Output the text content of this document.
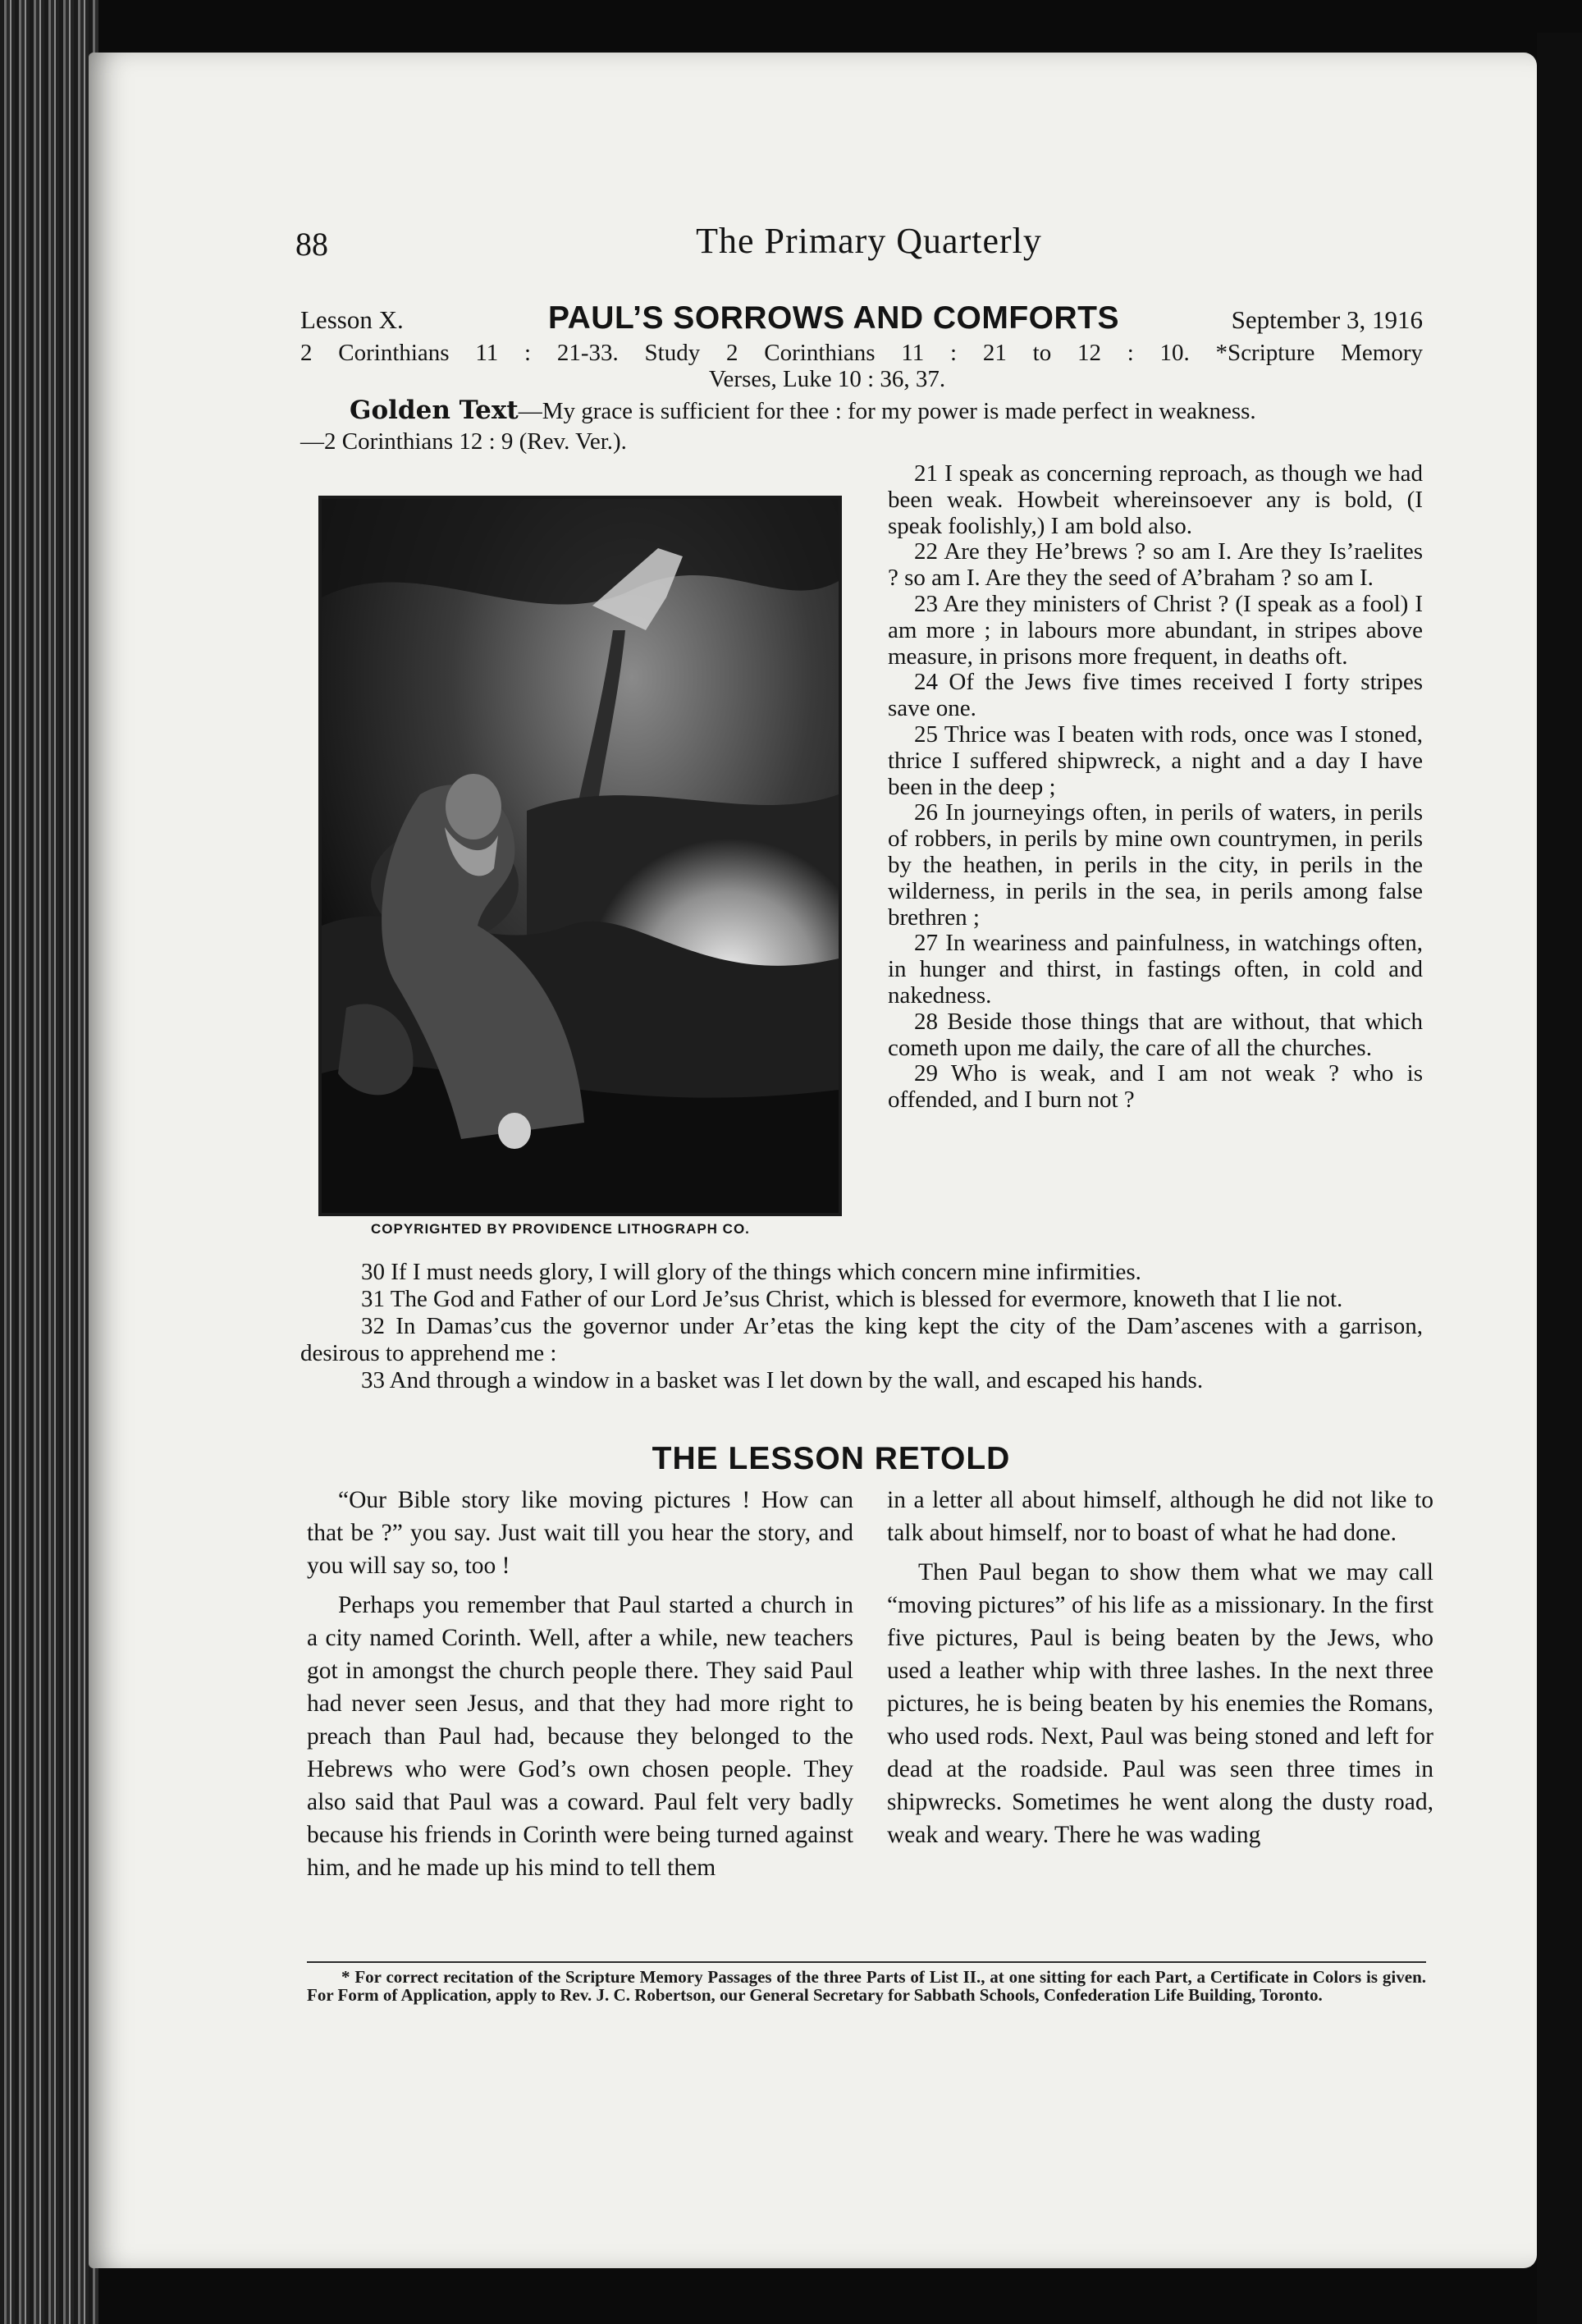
88	The Primary Quarterly
Lesson X.	PAUL’S SORROWS AND COMFORTS	September 3, 1916
2 Corinthians 11 : 21-33. Study 2 Corinthians 11 : 21 to 12 : 10. *Scripture Memory
Verses, Luke 10 : 36, 37.
Golden Text—My grace is sufficient for thee : for my power is made perfect in weakness.
—2 Corinthians 12 : 9 (Rev. Ver.).
COPYRIGHTED BY PROVIDENCE LITHOGRAPH CO.

21 I speak as concerning reproach, as though we had been weak. Howbeit whereinsoever any is bold, (I speak foolishly,) I am bold also.

22 Are they He’brews ? so am I. Are they Is’raelites ? so am I. Are they the seed of A’braham ? so am I.

23 Are they ministers of Christ ? (I speak as a fool) I am more ; in labours more abundant, in stripes above measure, in prisons more frequent, in deaths oft.

24 Of the Jews five times received I forty stripes save one.

25 Thrice was I beaten with rods, once was I stoned, thrice I suffered shipwreck, a night and a day I have been in the deep ;

26 In journeyings often, in perils of waters, in perils of robbers, in perils by mine own countrymen, in perils by the heathen, in perils in the city, in perils in the wilderness, in perils in the sea, in perils among false brethren ;

27 In weariness and painfulness, in watchings often, in hunger and thirst, in fastings often, in cold and nakedness.

28 Beside those things that are without, that which cometh upon me daily, the care of all the churches.

29 Who is weak, and I am not weak ? who is offended, and I burn not ?

30 If I must needs glory, I will glory of the things which concern mine infirmities.

31 The God and Father of our Lord Je’sus Christ, which is blessed for evermore, knoweth that I lie not.

32 In Damas’cus the governor under Ar’etas the king kept the city of the Dam’ascenes with a garrison, desirous to apprehend me :

33 And through a window in a basket was I let down by the wall, and escaped his hands.

THE LESSON RETOLD

“Our Bible story like moving pictures ! How can that be ?” you say. Just wait till you hear the story, and you will say so, too !

Perhaps you remember that Paul started a church in a city named Corinth. Well, after a while, new teachers got in amongst the church people there. They said Paul had never seen Jesus, and that they had more right to preach than Paul had, because they belonged to the Hebrews who were God’s own chosen people. They also said that Paul was a coward. Paul felt very badly because his friends in Corinth were being turned against him, and he made up his mind to tell them

in a letter all about himself, although he did not like to talk about himself, nor to boast of what he had done.

Then Paul began to show them what we may call “moving pictures” of his life as a missionary. In the first five pictures, Paul is being beaten by the Jews, who used a leather whip with three lashes. In the next three pictures, he is being beaten by his enemies the Romans, who used rods. Next, Paul was being stoned and left for dead at the roadside. Paul was seen three times in shipwrecks. Sometimes he went along the dusty road, weak and weary. There he was wading

* For correct recitation of the Scripture Memory Passages of the three Parts of List II., at one sitting for each Part, a Certificate in Colors is given. For Form of Application, apply to Rev. J. C. Robertson, our General Secretary for Sabbath Schools, Confederation Life Building, Toronto.
